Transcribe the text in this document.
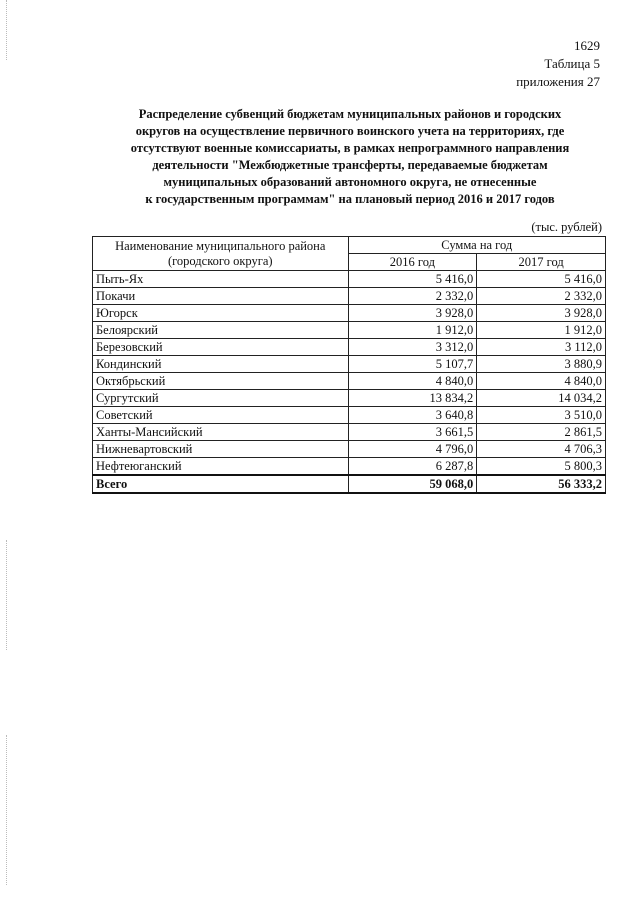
1629
Таблица 5
приложения 27
Распределение субвенций бюджетам муниципальных районов и городских
округов на осуществление первичного воинского учета на территориях, где
отсутствуют военные комиссариаты, в рамках непрограммного направления
деятельности "Межбюджетные трансферты, передаваемые бюджетам
муниципальных образований автономного округа, не отнесенные
к государственным программам" на плановый период 2016 и 2017 годов
(тыс. рублей)
Наименование муниципального района
(городского округа)	Сумма на год	
	2016 год	2017 год
Пыть-Ях	5 416,0	5 416,0
Покачи	2 332,0	2 332,0
Югорск	3 928,0	3 928,0
Белоярский	1 912,0	1 912,0
Березовский	3 312,0	3 112,0
Кондинский	5 107,7	3 880,9
Октябрьский	4 840,0	4 840,0
Сургутский	13 834,2	14 034,2
Советский	3 640,8	3 510,0
Ханты-Мансийский	3 661,5	2 861,5
Нижневартовский	4 796,0	4 706,3
Нефтеюганский	6 287,8	5 800,3
Всего	59 068,0	56 333,2
